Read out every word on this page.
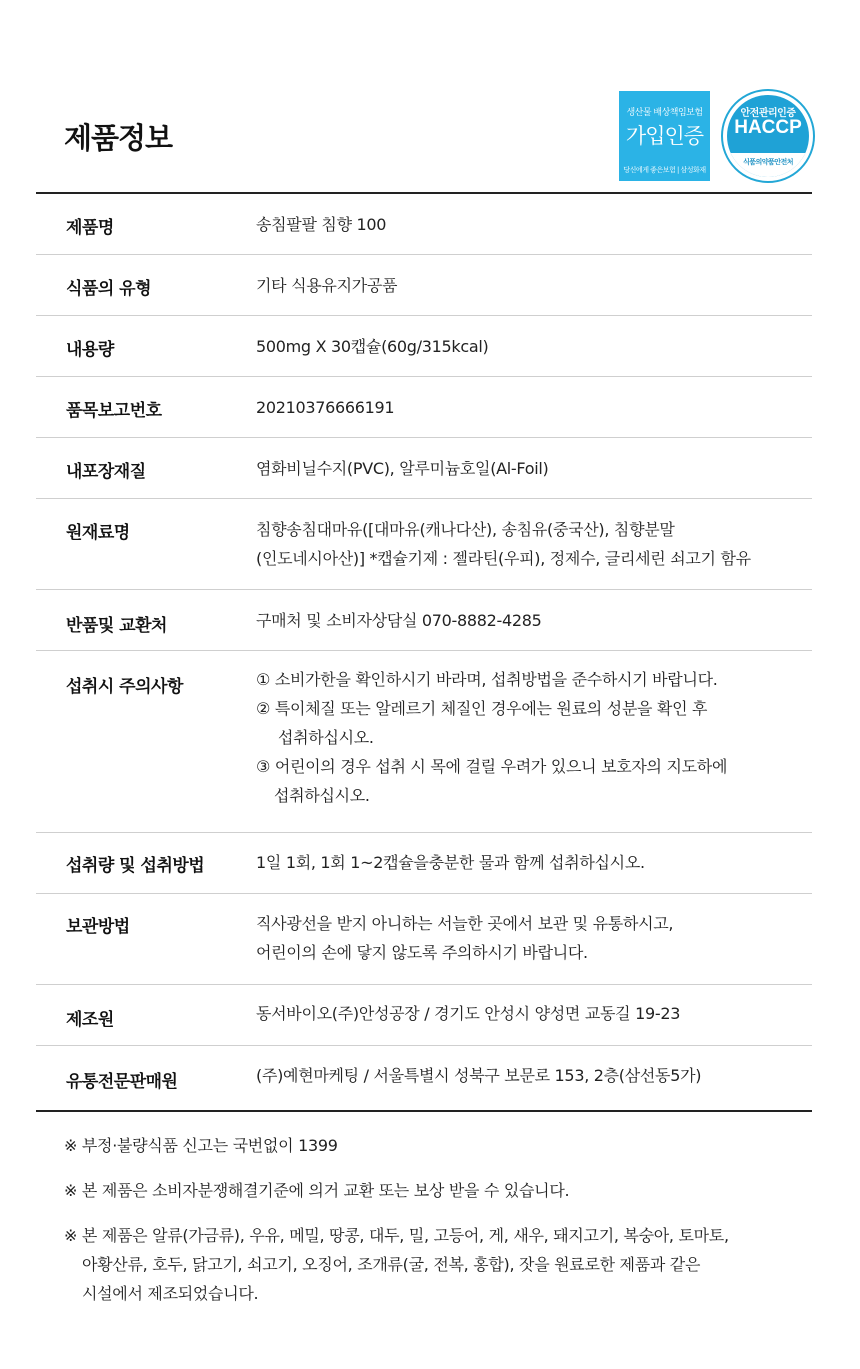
제품정보
생산물 배상책임보험
가입인증
당신에게 좋은보험 | 삼성화재
안전관리인증
HACCP
식품의약품안전처
제품명	송침팔팔 침향 100
식품의 유형	기타 식용유지가공품
내용량	500mg X 30캡슐(60g/315kcal)
품목보고번호	20210376666191
내포장재질	염화비닐수지(PVC), 알루미늄호일(Al-Foil)
원재료명	침향송침대마유([대마유(캐나다산), 송침유(중국산), 침향분말
(인도네시아산)] *캡슐기제 : 젤라틴(우피), 정제수, 글리세린 쇠고기 함유
반품및 교환처	구매처 및 소비자상담실 070-8882-4285
섭취시 주의사항	① 소비가한을 확인하시기 바라며, 섭취방법을 준수하시기 바랍니다.
② 특이체질 또는 알레르기 체질인 경우에는 원료의 성분을 확인 후
섭취하십시오.
③ 어린이의 경우 섭취 시 목에 걸릴 우려가 있으니 보호자의 지도하에
섭취하십시오.
섭취량 및 섭취방법	1일 1회, 1회 1~2캡슐을충분한 물과 함께 섭취하십시오.
보관방법	직사광선을 받지 아니하는 서늘한 곳에서 보관 및 유통하시고,
어린이의 손에 닿지 않도록 주의하시기 바랍니다.
제조원	동서바이오(주)안성공장 / 경기도 안성시 양성면 교동길 19-23
유통전문판매원	(주)예현마케팅 / 서울특별시 성북구 보문로 153, 2층(삼선동5가)
※ 부정·불량식품 신고는 국번없이 1399
※ 본 제품은 소비자분쟁해결기준에 의거 교환 또는 보상 받을 수 있습니다.
※ 본 제품은 알류(가금류), 우유, 메밀, 땅콩, 대두, 밀, 고등어, 게, 새우, 돼지고기, 복숭아, 토마토,
아황산류, 호두, 닭고기, 쇠고기, 오징어, 조개류(굴, 전복, 홍합), 잣을 원료로한 제품과 같은
시설에서 제조되었습니다.
